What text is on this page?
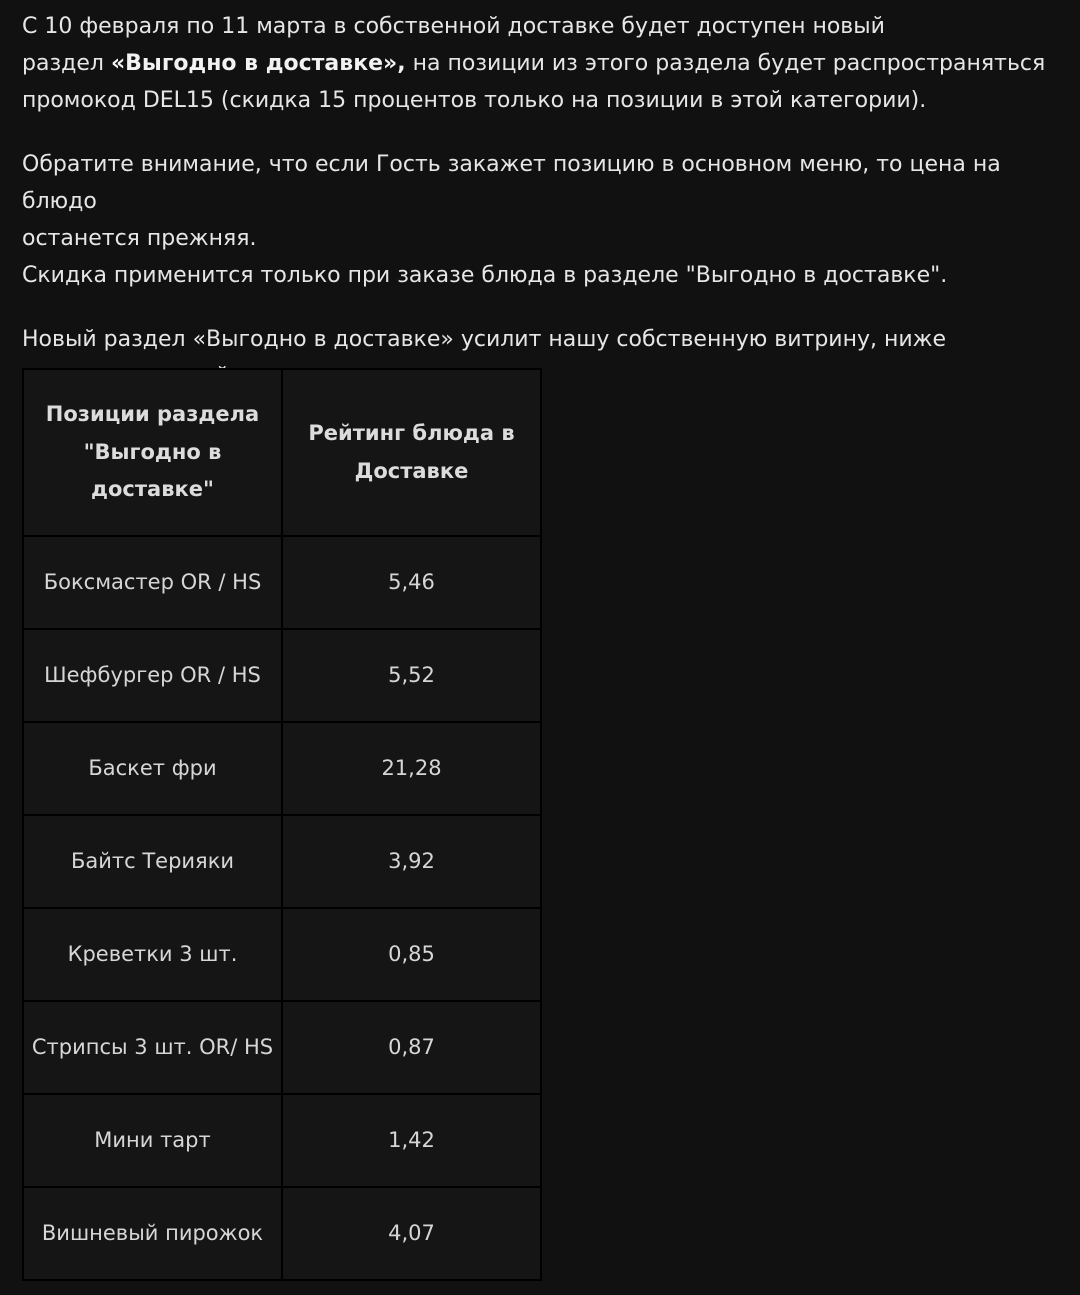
С 10 февраля по 11 марта в собственной доставке будет доступен новый
раздел «Выгодно в доставке», на позиции из этого раздела будет распространяться
промокод DEL15 (скидка 15 процентов только на позиции в этой категории).

Обратите внимание, что если Гость закажет позицию в основном меню, то цена на блюдо
останется прежняя.
Скидка применится только при заказе блюда в разделе "Выгодно в доставке".

Новый раздел «Выгодно в доставке» усилит нашу собственную витрину, ниже

Позиции раздела "Выгодно в доставке"	Рейтинг блюда в Доставке
Боксмастер OR / HS	5,46
Шефбургер OR / HS	5,52
Баскет фри	21,28
Байтс Терияки	3,92
Креветки 3 шт.	0,85
Стрипсы 3 шт. OR/ HS	0,87
Мини тарт	1,42
Вишневый пирожок	4,07
